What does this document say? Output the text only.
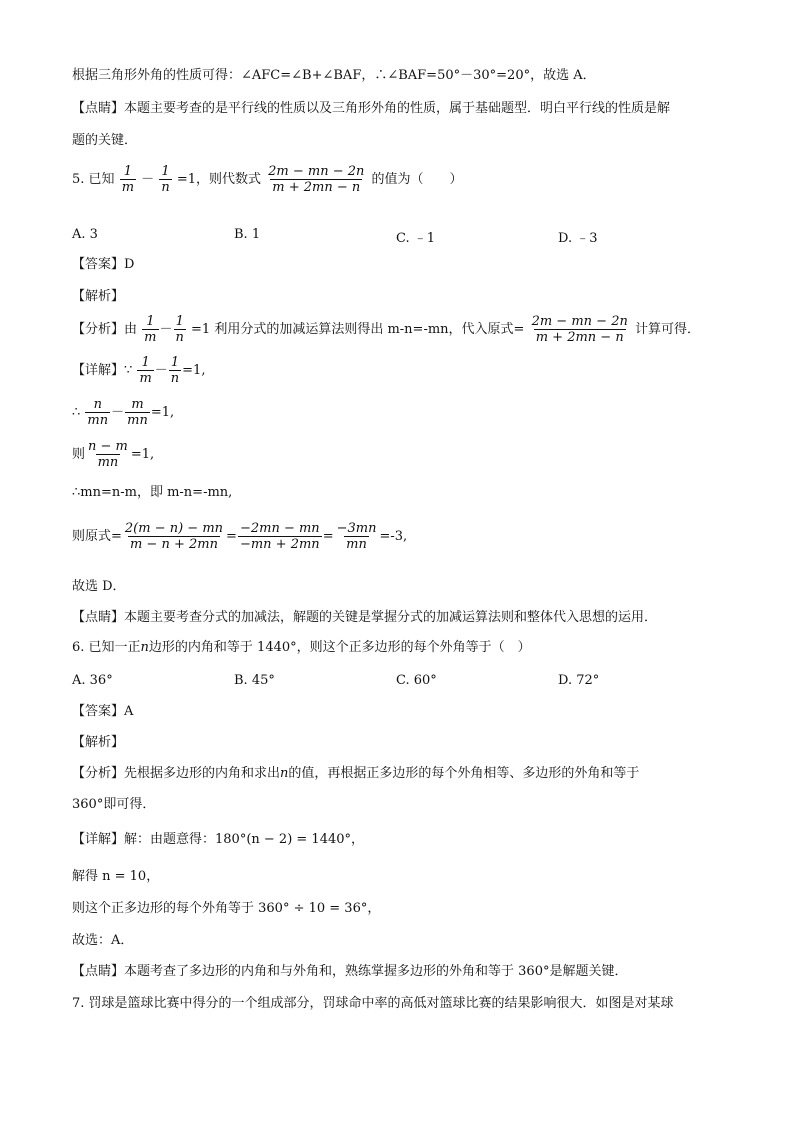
根据三角形外角的性质可得：∠AFC=∠B+∠BAF，∴∠BAF=50°－30°=20°，故选 A．
【点睛】本题主要考查的是平行线的性质以及三角形外角的性质，属于基础题型．明白平行线的性质是解
题的关键．
5. 已知 $\frac{1}{m} - \frac{1}{n} =1$，则代数式 $\frac{2m - mn - 2n}{m + 2mn - n}$ 的值为（　　）
A. 3	B. 1	C. ﹣1	D. ﹣3
【答案】D
【解析】
【分析】由 $\frac{1}{m} - \frac{1}{n} =1$ 利用分式的加减运算法则得出 m-n=-mn，代入原式= $\frac{2m - mn - 2n}{m + 2mn - n}$ 计算可得．
【详解】∵ $\frac{1}{m} - \frac{1}{n} =1$,
∴ $\frac{n}{mn} - \frac{m}{mn} =1$,
则 $\frac{n - m}{mn} =1$,
∴mn=n-m，即 m-n=-mn,
则原式= $\frac{2(m - n) - mn}{m - n + 2mn} = \frac{-2mn - mn}{-mn + 2mn} = \frac{-3mn}{mn} =-3$,
故选 D．
【点睛】本题主要考查分式的加减法，解题的关键是掌握分式的加减运算法则和整体代入思想的运用．
6. 已知一正n边形的内角和等于 1440°，则这个正多边形的每个外角等于（　）
A. 36°	B. 45°	C. 60°	D. 72°
【答案】A
【解析】
【分析】先根据多边形的内角和求出n的值，再根据正多边形的每个外角相等、多边形的外角和等于
360°即可得．
【详解】解：由题意得：180°(n − 2) = 1440°，
解得 n = 10，
则这个正多边形的每个外角等于 360° ÷ 10 = 36°，
故选：A．
【点睛】本题考查了多边形的内角和与外角和，熟练掌握多边形的外角和等于 360°是解题关键．
7. 罚球是篮球比赛中得分的一个组成部分，罚球命中率的高低对篮球比赛的结果影响很大．如图是对某球
